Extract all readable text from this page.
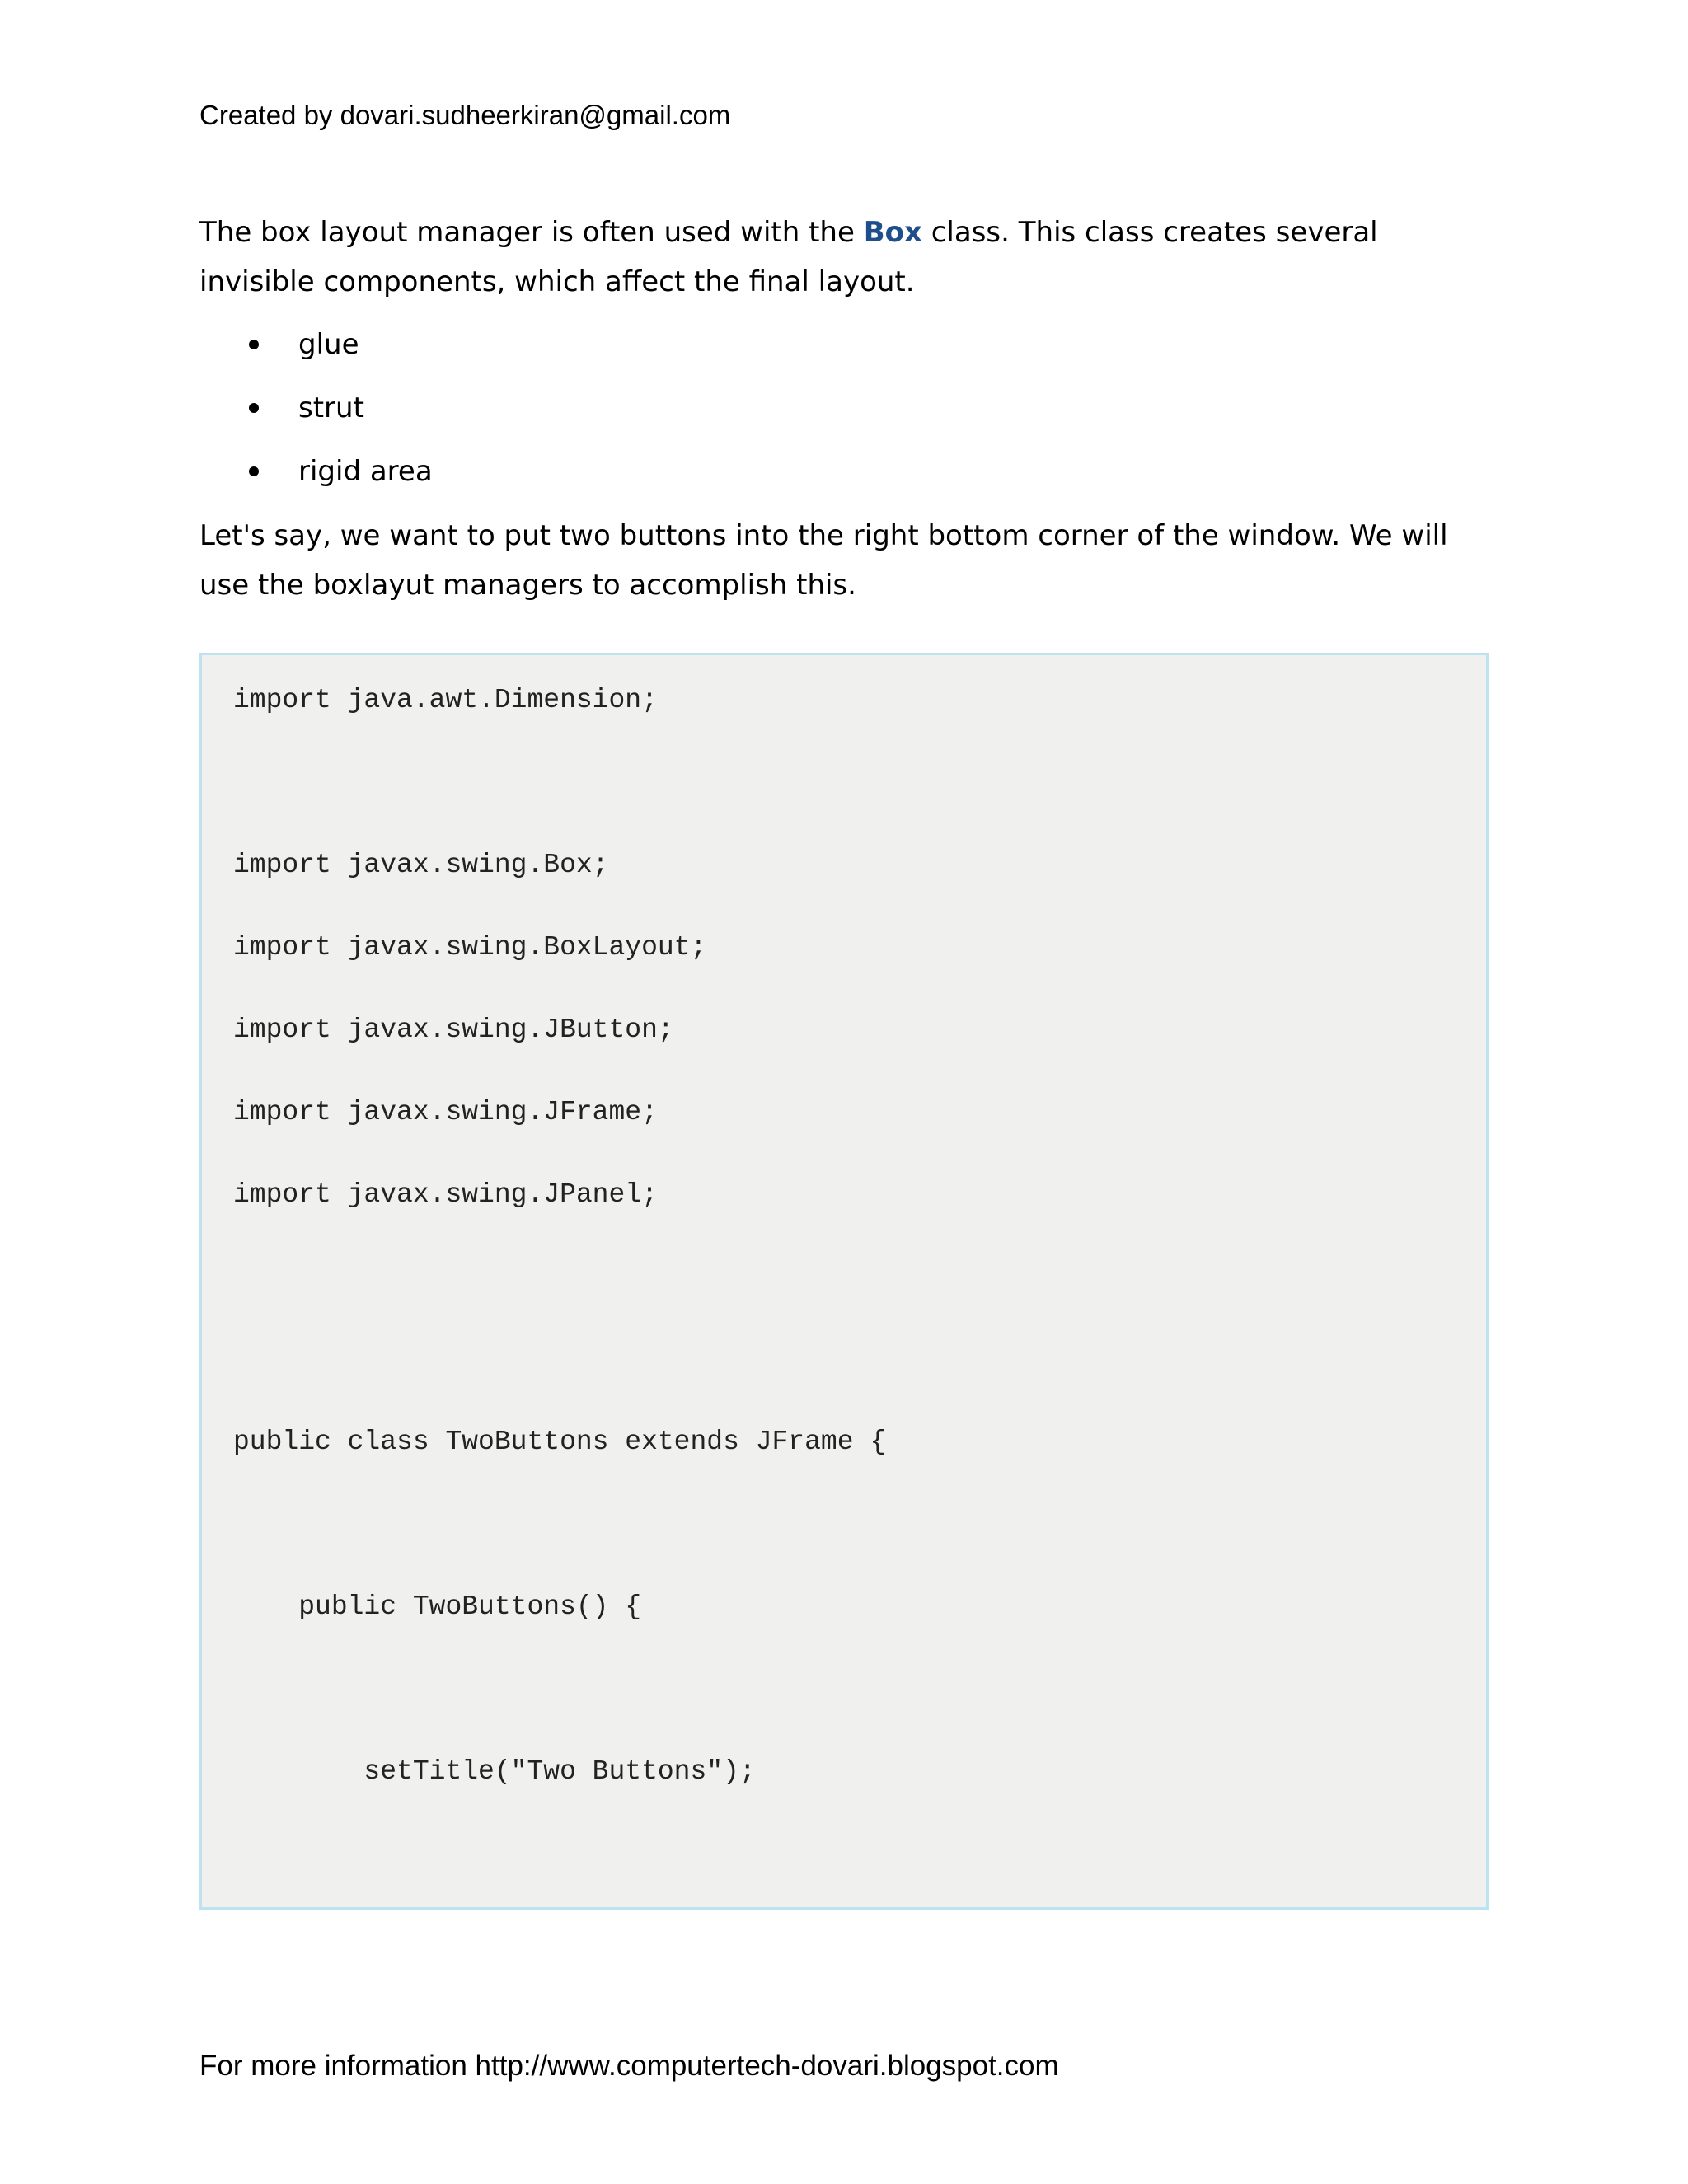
Created by dovari.sudheerkiran@gmail.com

The box layout manager is often used with the Box class. This class creates several invisible components, which affect the final layout.

glue
strut
rigid area

Let's say, we want to put two buttons into the right bottom corner of the window. We will use the boxlayut managers to accomplish this.

import java.awt.Dimension;
import javax.swing.Box;
import javax.swing.BoxLayout;
import javax.swing.JButton;
import javax.swing.JFrame;
import javax.swing.JPanel;
public class TwoButtons extends JFrame {
public TwoButtons() {
setTitle("Two Buttons");
For more information http://www.computertech-dovari.blogspot.com
